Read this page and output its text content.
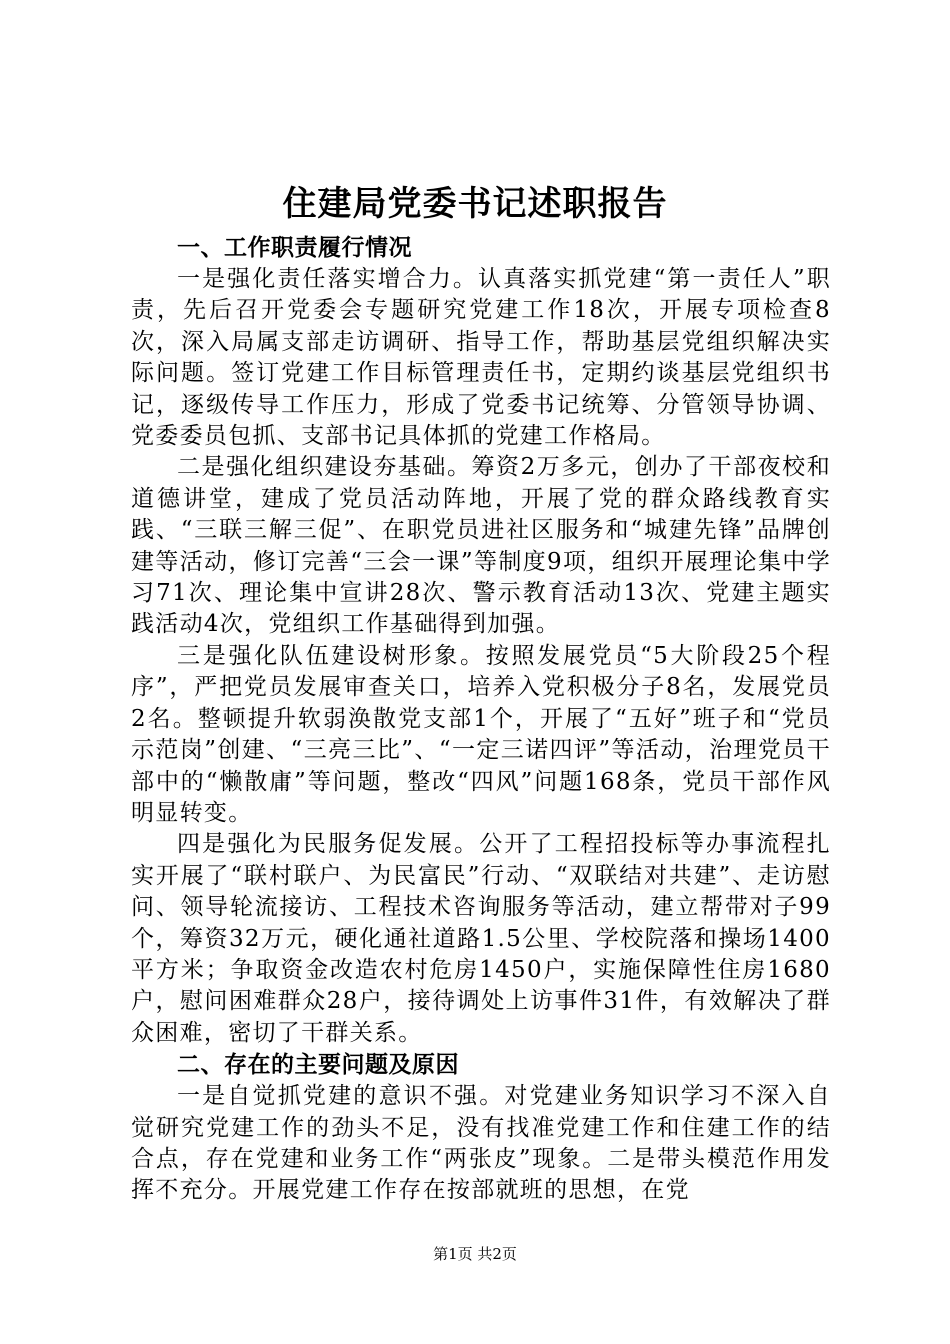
住建局党委书记述职报告
一、工作职责履行情况

一是强化责任落实增合力。认真落实抓党建“第一责任人”职责，先后召开党委会专题研究党建工作18次，开展专项检查8次，深入局属支部走访调研、指导工作，帮助基层党组织解决实际问题。签订党建工作目标管理责任书，定期约谈基层党组织书记，逐级传导工作压力，形成了党委书记统筹、分管领导协调、党委委员包抓、支部书记具体抓的党建工作格局。

二是强化组织建设夯基础。筹资2万多元，创办了干部夜校和道德讲堂，建成了党员活动阵地，开展了党的群众路线教育实践、“三联三解三促”、在职党员进社区服务和“城建先锋”品牌创建等活动，修订完善“三会一课”等制度9项，组织开展理论集中学习71次、理论集中宣讲28次、警示教育活动13次、党建主题实践活动4次，党组织工作基础得到加强。

三是强化队伍建设树形象。按照发展党员“5大阶段25个程序”，严把党员发展审查关口，培养入党积极分子8名，发展党员2名。整顿提升软弱涣散党支部1个，开展了“五好”班子和“党员示范岗”创建、“三亮三比”、“一定三诺四评”等活动，治理党员干部中的“懒散庸”等问题，整改“四风”问题168条，党员干部作风明显转变。

四是强化为民服务促发展。公开了工程招投标等办事流程扎实开展了“联村联户、为民富民”行动、“双联结对共建”、走访慰问、领导轮流接访、工程技术咨询服务等活动，建立帮带对子99个，筹资32万元，硬化通社道路1.5公里、学校院落和操场1400平方米；争取资金改造农村危房1450户，实施保障性住房1680户，慰问困难群众28户，接待调处上访事件31件，有效解决了群众困难，密切了干群关系。

二、存在的主要问题及原因

一是自觉抓党建的意识不强。对党建业务知识学习不深入自觉研究党建工作的劲头不足，没有找准党建工作和住建工作的结合点，存在党建和业务工作“两张皮”现象。二是带头模范作用发挥不充分。开展党建工作存在按部就班的思想，在党

第1页 共2页
